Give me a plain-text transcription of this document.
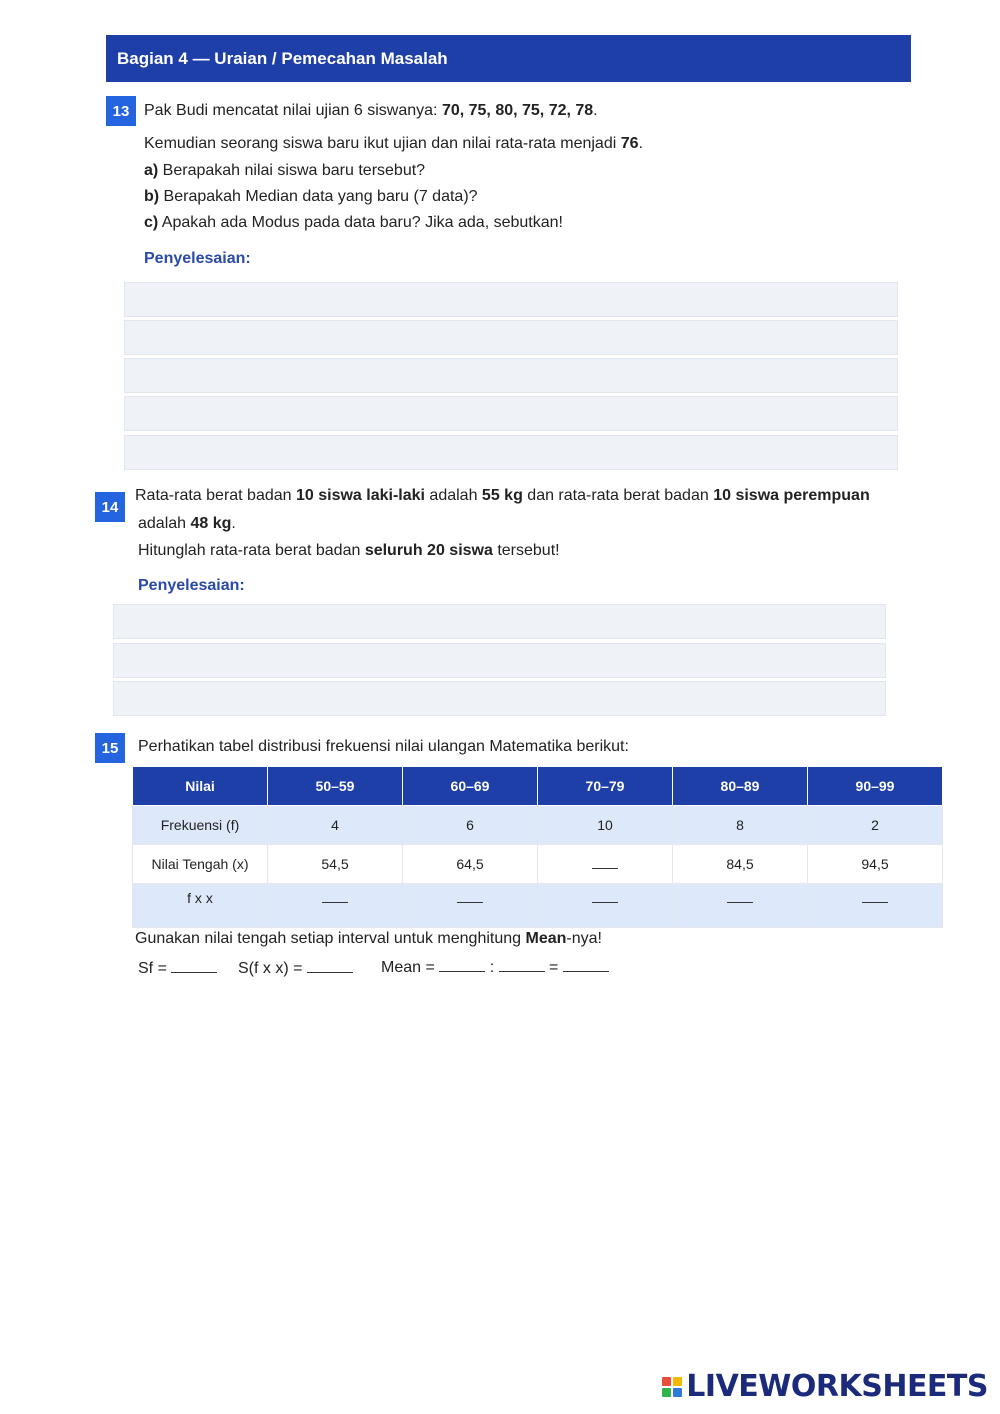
Bagian 4 — Uraian / Pemecahan Masalah
13 Pak Budi mencatat nilai ujian 6 siswanya: 70, 75, 80, 75, 72, 78.
Kemudian seorang siswa baru ikut ujian dan nilai rata-rata menjadi 76.
a) Berapakah nilai siswa baru tersebut?
b) Berapakah Median data yang baru (7 data)?
c) Apakah ada Modus pada data baru? Jika ada, sebutkan!
Penyelesaian:
14
Rata-rata berat badan 10 siswa laki-laki adalah 55 kg dan rata-rata berat badan 10 siswa perempuan
adalah 48 kg.
Hitunglah rata-rata berat badan seluruh 20 siswa tersebut!
Penyelesaian:
15 Perhatikan tabel distribusi frekuensi nilai ulangan Matematika berikut:
Nilai	50–59	60–69	70–79	80–89	90–99
Frekuensi (f)	4	6	10	8	2
Nilai Tengah (x)	54,5	64,5		84,5	94,5
f x x					
Gunakan nilai tengah setiap interval untuk menghitung Mean-nya!
Sf =	S(f x x) =	Mean =	:	=
LIVEWORKSHEETS
